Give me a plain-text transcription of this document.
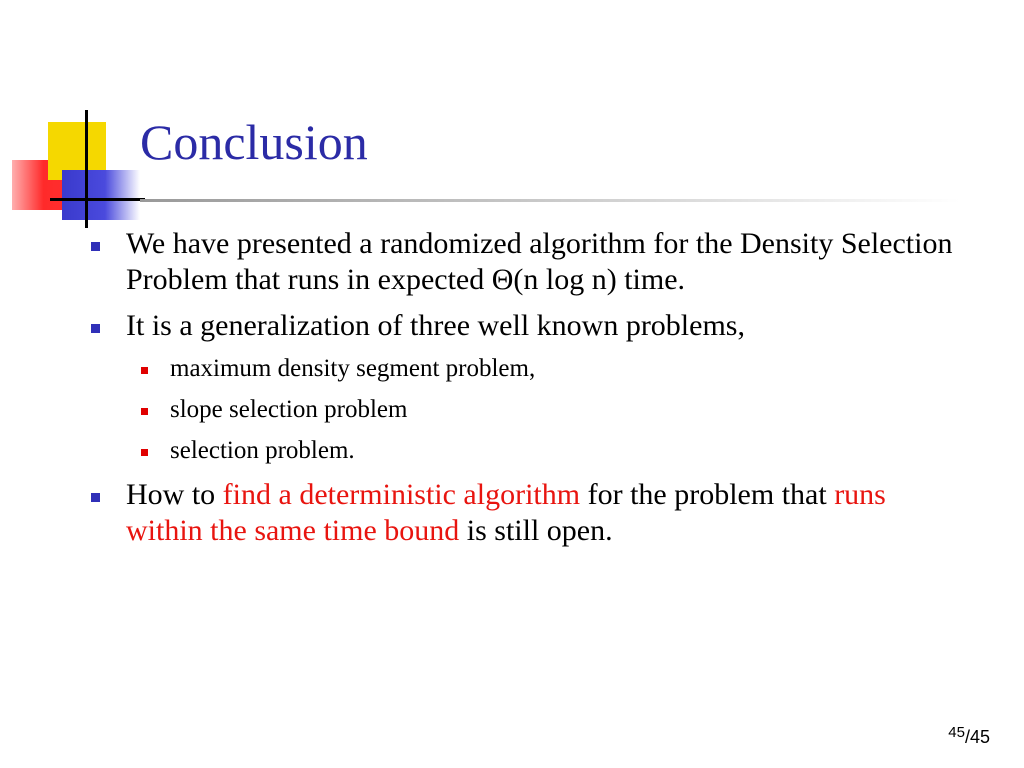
Conclusion
We have presented a randomized algorithm for the Density Selection Problem that runs in expected Θ(n log n) time.
It is a generalization of three well known problems,
maximum density segment problem,
slope selection problem
selection problem.
How to find a deterministic algorithm for the problem that runs within the same time bound is still open.
$^{45}$/45
